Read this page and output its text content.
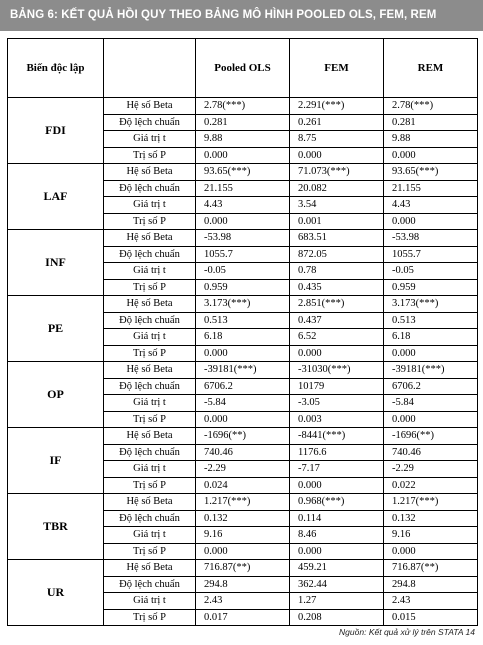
BẢNG 6: KẾT QUẢ HỒI QUY THEO BẢNG MÔ HÌNH POOLED OLS, FEM, REM
Biến độc lập		Pooled OLS	FEM	REM
FDI	Hệ số Beta	2.78(***)	2.291(***)	2.78(***)
	Độ lệch chuẩn	0.281	0.261	0.281
	Giá trị t	9.88	8.75	9.88
	Trị số P	0.000	0.000	0.000
LAF	Hệ số Beta	93.65(***)	71.073(***)	93.65(***)
	Độ lệch chuẩn	21.155	20.082	21.155
	Giá trị t	4.43	3.54	4.43
	Trị số P	0.000	0.001	0.000
INF	Hệ số Beta	-53.98	683.51	-53.98
	Độ lệch chuẩn	1055.7	872.05	1055.7
	Giá trị t	-0.05	0.78	-0.05
	Trị số P	0.959	0.435	0.959
PE	Hệ số Beta	3.173(***)	2.851(***)	3.173(***)
	Độ lệch chuẩn	0.513	0.437	0.513
	Giá trị t	6.18	6.52	6.18
	Trị số P	0.000	0.000	0.000
OP	Hệ số Beta	-39181(***)	-31030(***)	-39181(***)
	Độ lệch chuẩn	6706.2	10179	6706.2
	Giá trị t	-5.84	-3.05	-5.84
	Trị số P	0.000	0.003	0.000
IF	Hệ số Beta	-1696(**)	-8441(***)	-1696(**)
	Độ lệch chuẩn	740.46	1176.6	740.46
	Giá trị t	-2.29	-7.17	-2.29
	Trị số P	0.024	0.000	0.022
TBR	Hệ số Beta	1.217(***)	0.968(***)	1.217(***)
	Độ lệch chuẩn	0.132	0.114	0.132
	Giá trị t	9.16	8.46	9.16
	Trị số P	0.000	0.000	0.000
UR	Hệ số Beta	716.87(**)	459.21	716.87(**)
	Độ lệch chuẩn	294.8	362.44	294.8
	Giá trị t	2.43	1.27	2.43
	Trị số P	0.017	0.208	0.015
Nguồn: Kết quả xử lý trên STATA 14
